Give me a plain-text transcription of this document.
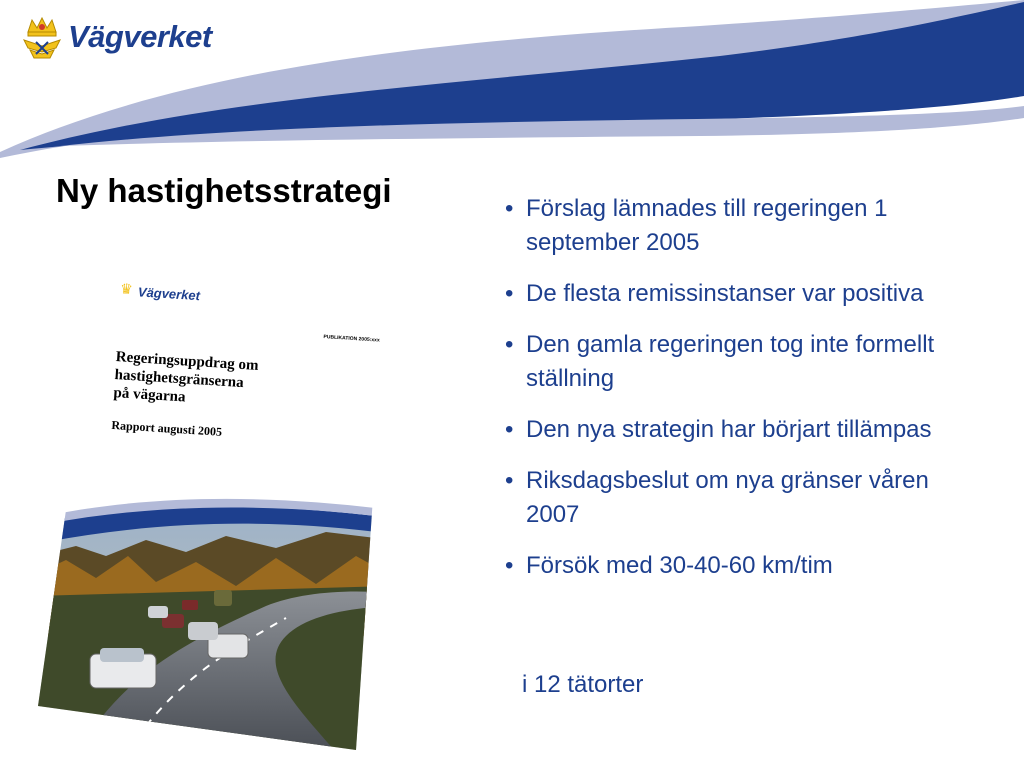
Vägverket
Ny hastighetsstrategi
♛ Vägverket
PUBLIKATION 2005:xxx
Regeringsuppdrag om
hastighetsgränserna
på vägarna
Rapport augusti 2005
• Förslag lämnades till regeringen 1 september 2005
• De flesta remissinstanser var positiva
• Den gamla regeringen tog inte formellt ställning
• Den nya strategin har börjart tillämpas
• Riksdagsbeslut om nya gränser våren 2007
• Försök med 30-40-60 km/tim
i 12 tätorter
